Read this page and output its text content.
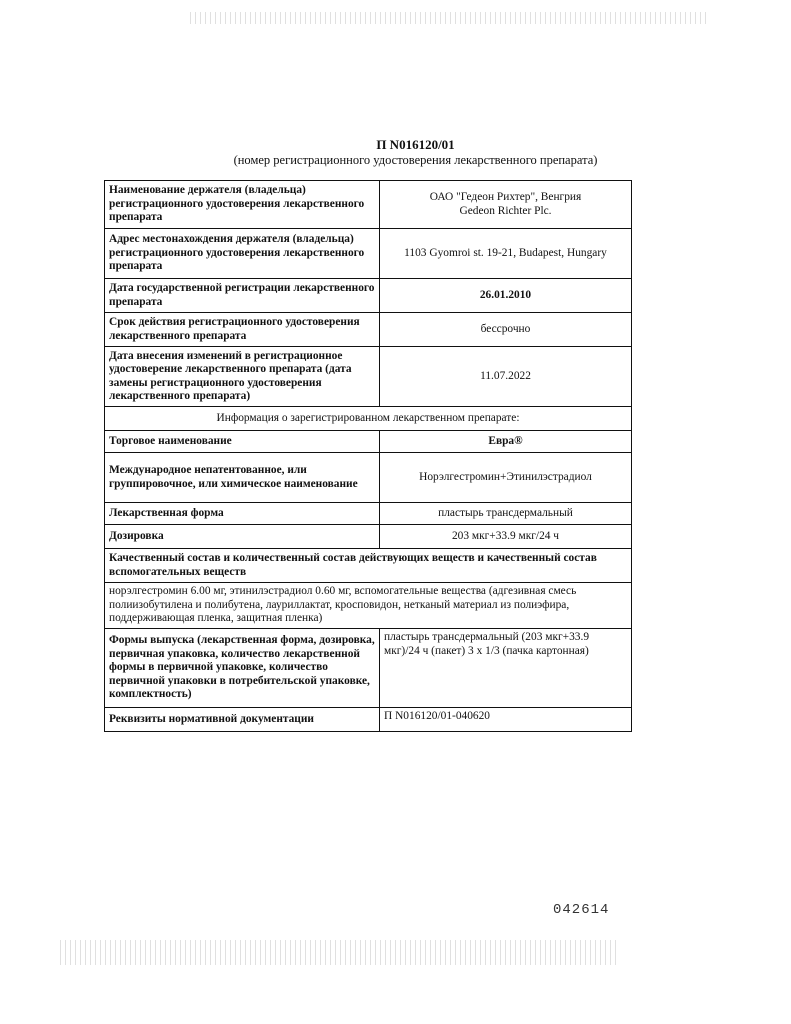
П N016120/01
(номер регистрационного удостоверения лекарственного препарата)
Наименование держателя (владельца) регистрационного удостоверения лекарственного препарата	ОАО "Гедеон Рихтер", Венгрия
Gedeon Richter Plc.

Адрес местонахождения держателя (владельца) регистрационного удостоверения лекарственного препарата	1103 Gyomroi st. 19-21, Budapest, Hungary
Дата государственной регистрации лекарственного препарата	26.01.2010
Срок действия регистрационного удостоверения лекарственного препарата	бессрочно
Дата внесения изменений в регистрационное удостоверение лекарственного препарата (дата замены регистрационного удостоверения лекарственного препарата)	11.07.2022
Информация о зарегистрированном лекарственном препарате:	
Торговое наименование	Евра®
Международное непатентованное, или группировочное, или химическое наименование	Норэлгестромин+Этинилэстрадиол
Лекарственная форма	пластырь трансдермальный
Дозировка	203 мкг+33.9 мкг/24 ч
Качественный состав и количественный состав действующих веществ и качественный состав вспомогательных веществ	
норэлгестромин 6.00 мг, этинилэстрадиол 0.60 мг, вспомогательные вещества (адгезивная смесь полиизобутилена и полибутена, лауриллактат, кросповидон, нетканый материал из полиэфира, поддерживающая пленка, защитная пленка)	
Формы выпуска (лекарственная форма, дозировка, первичная упаковка, количество лекарственной формы в первичной упаковке, количество первичной упаковки в потребительской упаковке, комплектность)	пластырь трансдермальный (203 мкг+33.9 мкг)/24 ч (пакет) 3 х 1/3 (пачка картонная)
Реквизиты нормативной документации	П N016120/01-040620
042614
